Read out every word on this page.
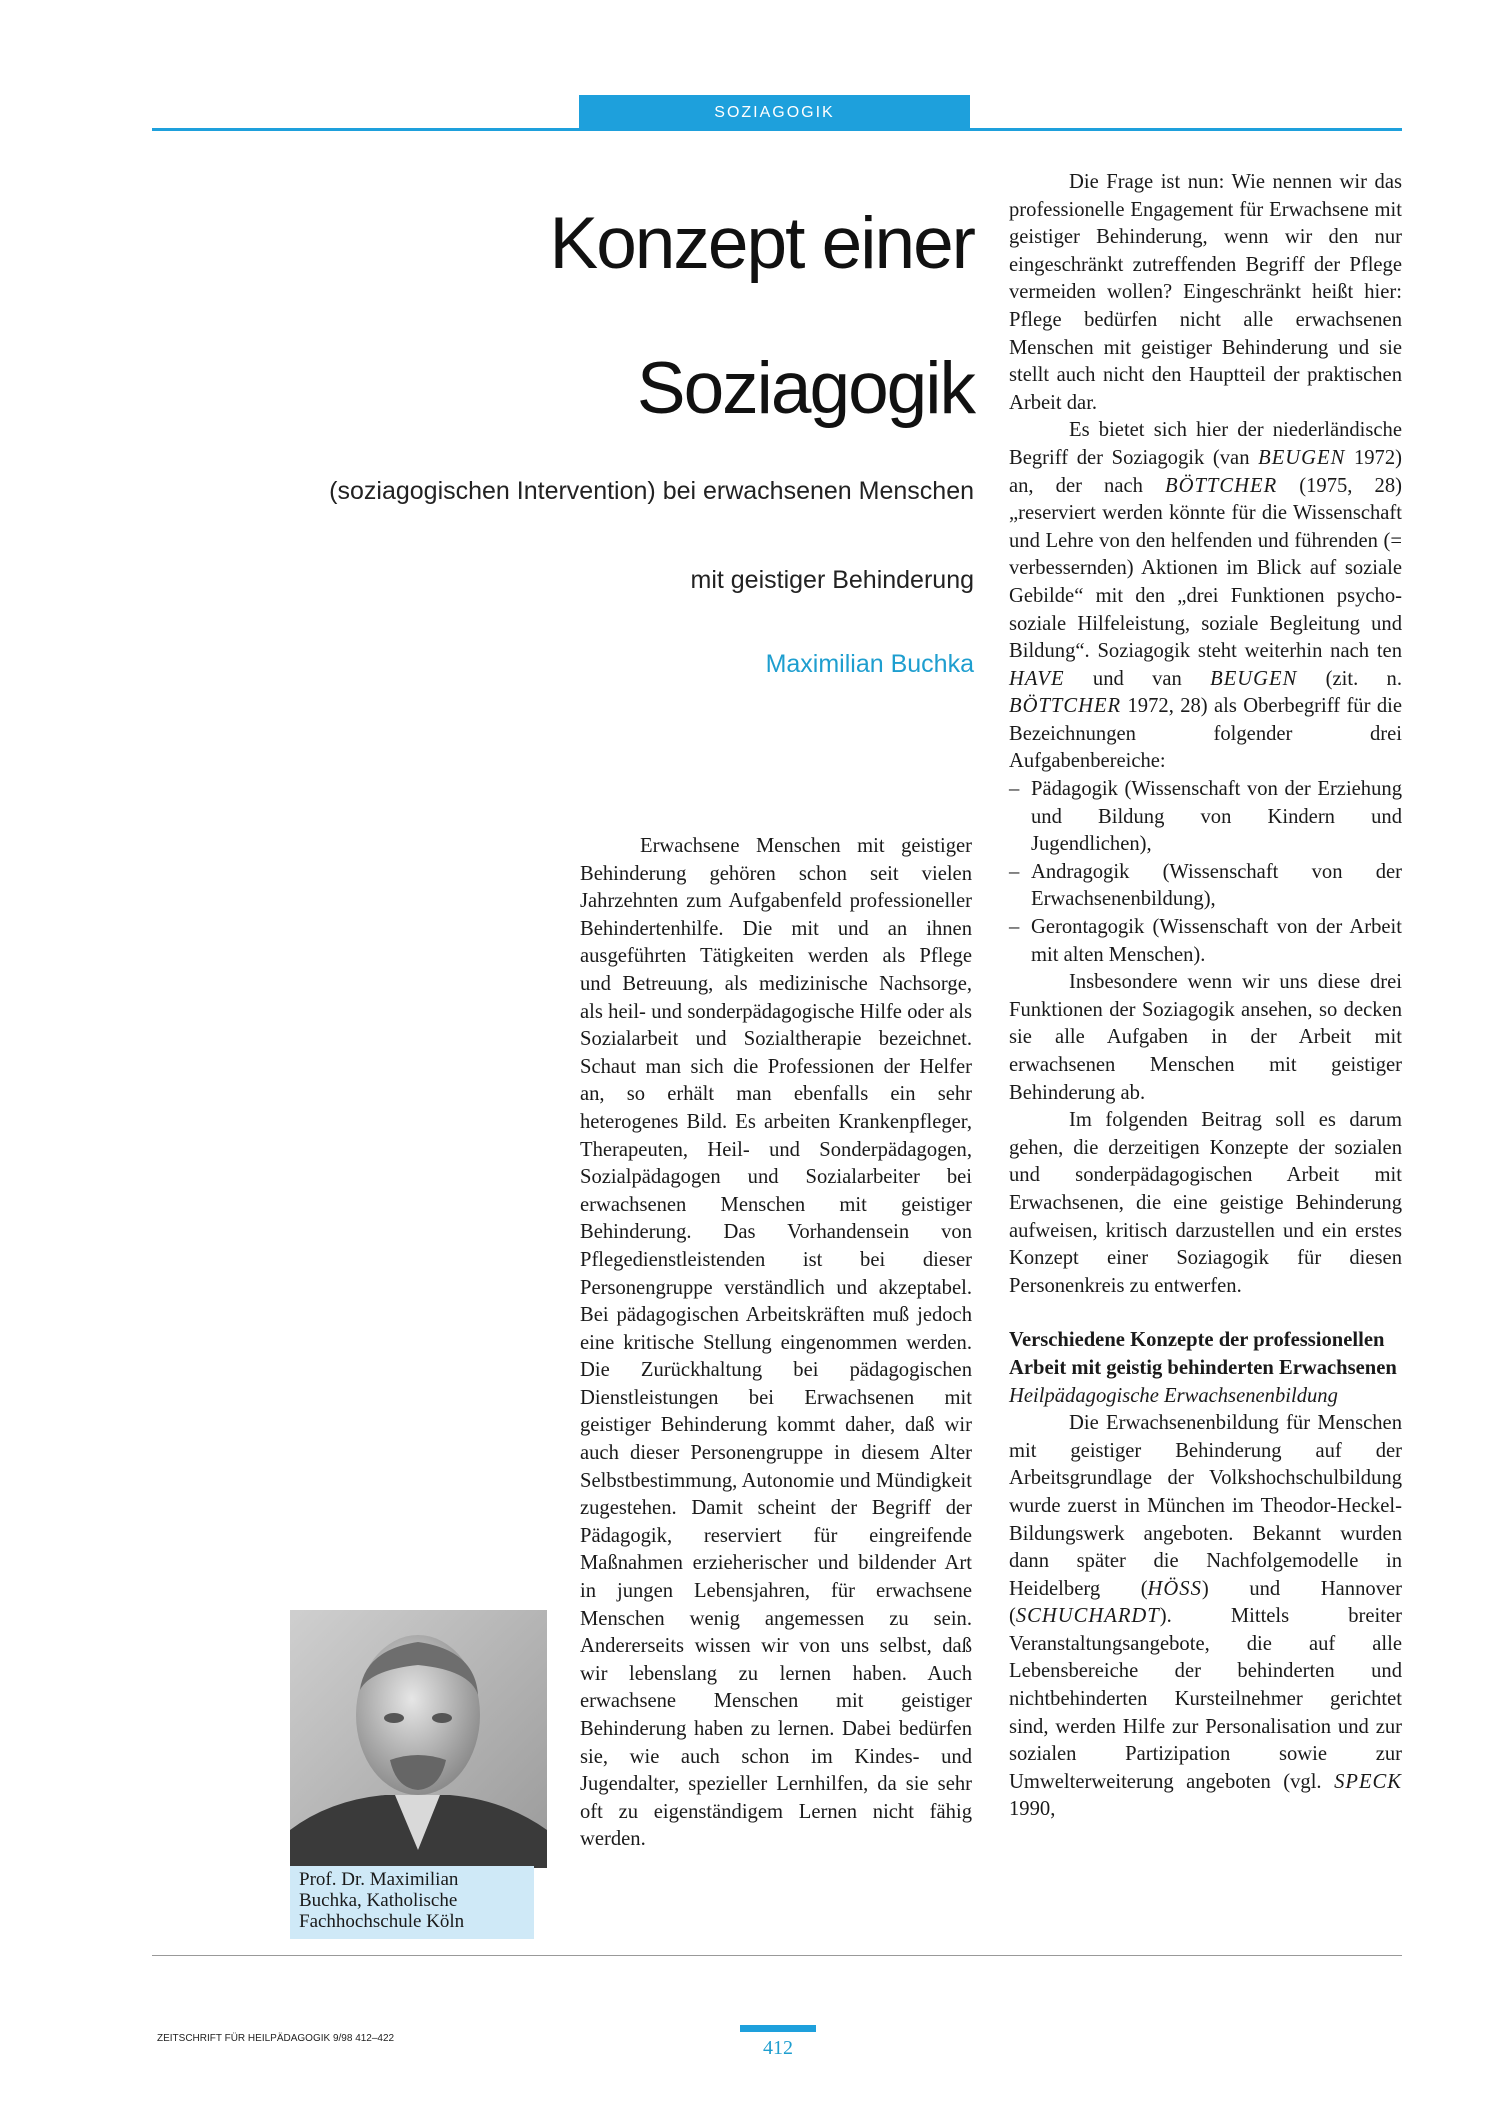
SOZIAGOGIK
Konzept einer
Soziagogik
(soziagogischen Intervention) bei erwachsenen Menschen
mit geistiger Behinderung
Maximilian Buchka
Prof. Dr. Maximilian
Buchka, Katholische
Fachhochschule Köln

Erwachsene Menschen mit geistiger Behinderung gehören schon seit vielen Jahrzehnten zum Aufgabenfeld professioneller Behindertenhilfe. Die mit und an ihnen ausgeführten Tätigkeiten werden als Pflege und Betreuung, als medizinische Nachsorge, als heil- und sonderpädagogische Hilfe oder als Sozialarbeit und Sozialtherapie bezeichnet. Schaut man sich die Professionen der Helfer an, so erhält man ebenfalls ein sehr heterogenes Bild. Es arbeiten Krankenpfleger, Therapeuten, Heil- und Sonderpädagogen, Sozialpädagogen und Sozialarbeiter bei erwachsenen Menschen mit geistiger Behinderung. Das Vorhandensein von Pflegedienstleistenden ist bei dieser Personengruppe verständlich und akzeptabel. Bei pädagogischen Arbeitskräften muß jedoch eine kritische Stellung eingenommen werden. Die Zurückhaltung bei pädagogischen Dienstleistungen bei Erwachsenen mit geistiger Behinderung kommt daher, daß wir auch dieser Personengruppe in diesem Alter Selbstbestimmung, Autonomie und Mündigkeit zugestehen. Damit scheint der Begriff der Pädagogik, reserviert für eingreifende Maßnahmen erzieherischer und bildender Art in jungen Lebensjahren, für erwachsene Menschen wenig angemessen zu sein. Andererseits wissen wir von uns selbst, daß wir lebenslang zu lernen haben. Auch erwachsene Menschen mit geistiger Behinderung haben zu lernen. Dabei bedürfen sie, wie auch schon im Kindes- und Jugendalter, spezieller Lernhilfen, da sie sehr oft zu eigenständigem Lernen nicht fähig werden.

Die Frage ist nun: Wie nennen wir das professionelle Engagement für Erwachsene mit geistiger Behinderung, wenn wir den nur eingeschränkt zutreffenden Begriff der Pflege vermeiden wollen? Eingeschränkt heißt hier: Pflege bedürfen nicht alle erwachsenen Menschen mit geistiger Behinderung und sie stellt auch nicht den Hauptteil der praktischen Arbeit dar.

Es bietet sich hier der niederländische Begriff der Soziagogik (van BEUGEN 1972) an, der nach BÖTTCHER (1975, 28) „reserviert werden könnte für die Wissenschaft und Lehre von den helfenden und führenden (= verbessernden) Aktionen im Blick auf soziale Gebilde“ mit den „drei Funktionen psycho-soziale Hilfeleistung, soziale Begleitung und Bildung“. Soziagogik steht weiterhin nach ten HAVE und van BEUGEN (zit. n. BÖTTCHER 1972, 28) als Oberbegriff für die Bezeichnungen folgender drei Aufgabenbereiche:

– Pädagogik (Wissenschaft von der Erziehung und Bildung von Kindern und Jugendlichen),
– Andragogik (Wissenschaft von der Erwachsenenbildung),
– Gerontagogik (Wissenschaft von der Arbeit mit alten Menschen).

Insbesondere wenn wir uns diese drei Funktionen der Soziagogik ansehen, so decken sie alle Aufgaben in der Arbeit mit erwachsenen Menschen mit geistiger Behinderung ab.

Im folgenden Beitrag soll es darum gehen, die derzeitigen Konzepte der sozialen und sonderpädagogischen Arbeit mit Erwachsenen, die eine geistige Behinderung aufweisen, kritisch darzustellen und ein erstes Konzept einer Soziagogik für diesen Personenkreis zu entwerfen.

Verschiedene Konzepte der professionellen Arbeit mit geistig behinderten Erwachsenen
Heilpädagogische Erwachsenenbildung

Die Erwachsenenbildung für Menschen mit geistiger Behinderung auf der Arbeitsgrundlage der Volkshochschulbildung wurde zuerst in München im Theodor-Heckel-Bildungswerk angeboten. Bekannt wurden dann später die Nachfolgemodelle in Heidelberg (HÖSS) und Hannover (SCHUCHARDT). Mittels breiter Veranstaltungsangebote, die auf alle Lebensbereiche der behinderten und nichtbehinderten Kursteilnehmer gerichtet sind, werden Hilfe zur Personalisation und zur sozialen Partizipation sowie zur Umwelterweiterung angeboten (vgl. SPECK 1990,

ZEITSCHRIFT FÜR HEILPÄDAGOGIK 9/98 412–422	412
